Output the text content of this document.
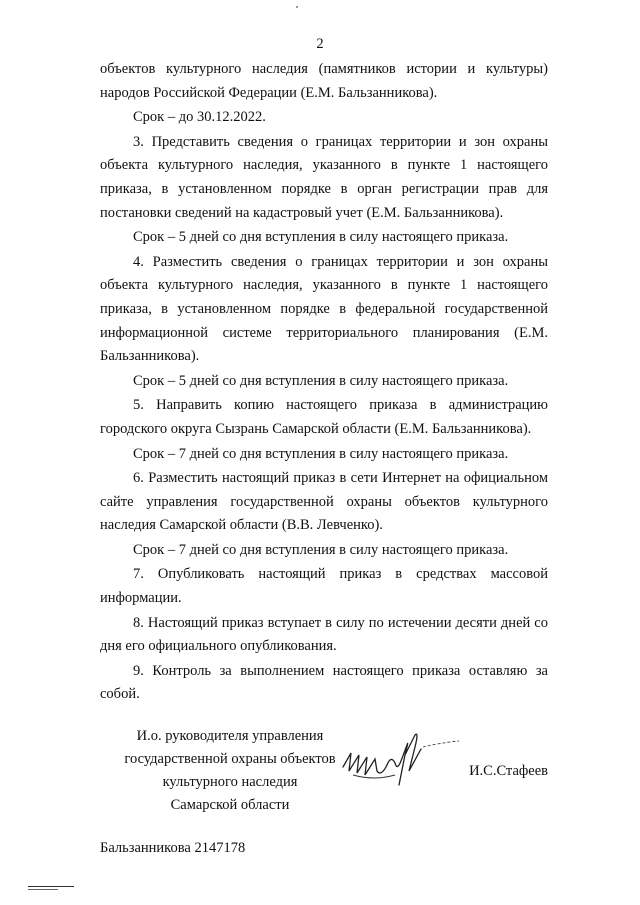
2

объектов культурного наследия (памятников истории и культуры) народов Российской Федерации (Е.М. Бальзанникова).

Срок – до 30.12.2022.

3. Представить сведения о границах территории и зон охраны объекта культурного наследия, указанного в пункте 1 настоящего приказа, в установленном порядке в орган регистрации прав для постановки сведений на кадастровый учет (Е.М. Бальзанникова).

Срок – 5 дней со дня вступления в силу настоящего приказа.

4. Разместить сведения о границах территории и зон охраны объекта культурного наследия, указанного в пункте 1 настоящего приказа, в установленном порядке в федеральной государственной информационной системе территориального планирования (Е.М. Бальзанникова).

Срок – 5 дней со дня вступления в силу настоящего приказа.

5. Направить копию настоящего приказа в администрацию городского округа Сызрань Самарской области (Е.М. Бальзанникова).

Срок – 7 дней со дня вступления в силу настоящего приказа.

6. Разместить настоящий приказ в сети Интернет на официальном сайте управления государственной охраны объектов культурного наследия Самарской области (В.В. Левченко).

Срок – 7 дней со дня вступления в силу настоящего приказа.

7. Опубликовать настоящий приказ в средствах массовой информации.

8. Настоящий приказ вступает в силу по истечении десяти дней со дня его официального опубликования.

9. Контроль за выполнением настоящего приказа оставляю за собой.

И.о. руководителя управления
государственной охраны объектов
культурного наследия
Самарской области
И.С.Стафеев
Бальзанникова 2147178
